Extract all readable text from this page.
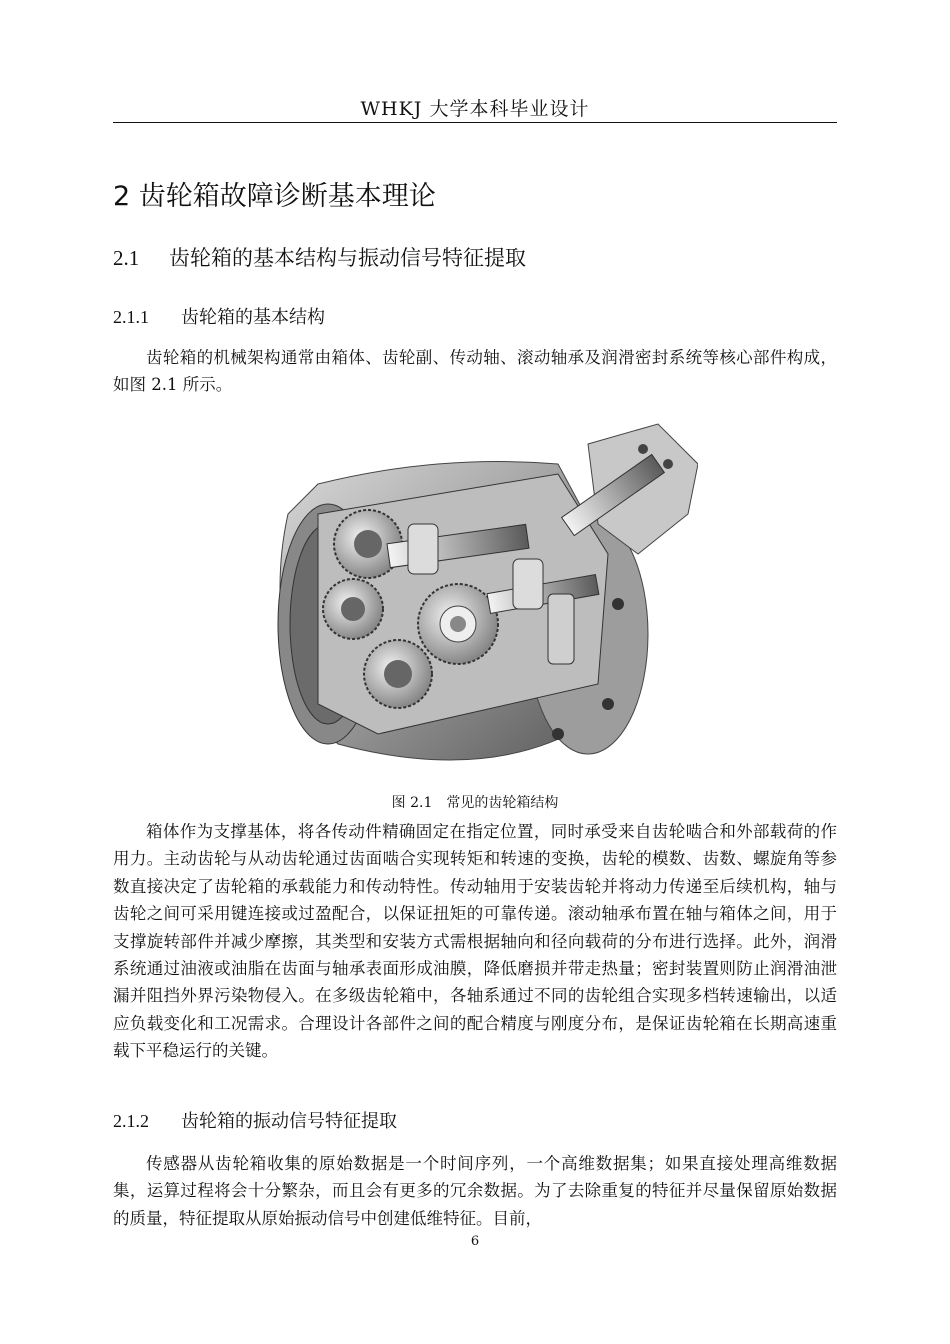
WHKJ 大学本科毕业设计
2 齿轮箱故障诊断基本理论
2.1 齿轮箱的基本结构与振动信号特征提取
2.1.1 齿轮箱的基本结构

齿轮箱的机械架构通常由箱体、齿轮副、传动轴、滚动轴承及润滑密封系统等核心部件构成，如图 2.1 所示。

图 2.1 常见的齿轮箱结构

箱体作为支撑基体，将各传动件精确固定在指定位置，同时承受来自齿轮啮合和外部载荷的作用力。主动齿轮与从动齿轮通过齿面啮合实现转矩和转速的变换，齿轮的模数、齿数、螺旋角等参数直接决定了齿轮箱的承载能力和传动特性。传动轴用于安装齿轮并将动力传递至后续机构，轴与齿轮之间可采用键连接或过盈配合，以保证扭矩的可靠传递。滚动轴承布置在轴与箱体之间，用于支撑旋转部件并减少摩擦，其类型和安装方式需根据轴向和径向载荷的分布进行选择。此外，润滑系统通过油液或油脂在齿面与轴承表面形成油膜，降低磨损并带走热量；密封装置则防止润滑油泄漏并阻挡外界污染物侵入。在多级齿轮箱中，各轴系通过不同的齿轮组合实现多档转速输出，以适应负载变化和工况需求。合理设计各部件之间的配合精度与刚度分布，是保证齿轮箱在长期高速重载下平稳运行的关键。

2.1.2 齿轮箱的振动信号特征提取

传感器从齿轮箱收集的原始数据是一个时间序列，一个高维数据集；如果直接处理高维数据集，运算过程将会十分繁杂，而且会有更多的冗余数据。为了去除重复的特征并尽量保留原始数据的质量，特征提取从原始振动信号中创建低维特征。目前，

6
